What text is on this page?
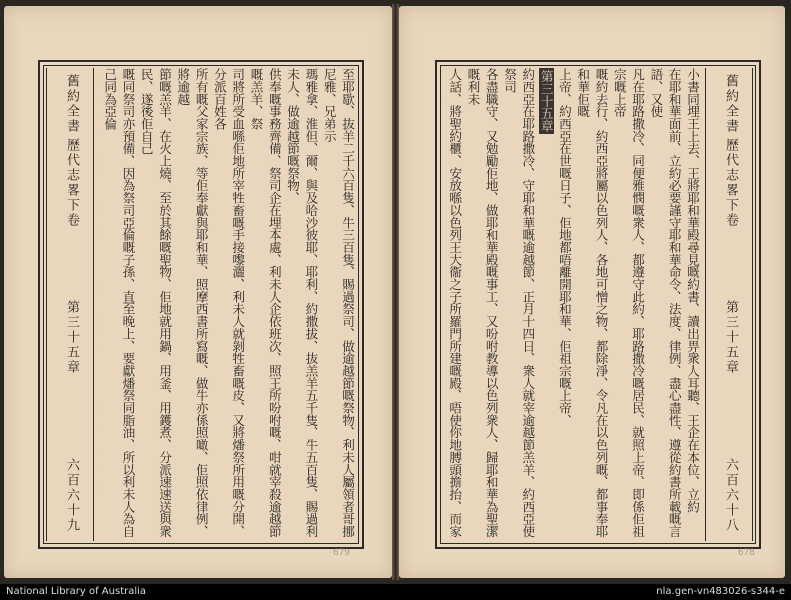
至耶歇、抜羊二千六百隻、牛三百隻、賜過祭司、做逾越節嘅祭物、利未人屬領者哥挪尼雅、兄弟示
瑪雅拿、淮但、爾、與及哈沙彼耶、耶利、約撒拔、抜羔羊五千隻、牛五百隻、賜過利未人、做逾越節嘅祭物、
供奉嘅事務齊備、祭司企在埋本處、利未人企依班次、照王所吩咐嘅、咁就宰殺逾越節嘅羔羊、祭
司將所受血喺佢地所宰牲畜嘅手接嚟灑、利未人就剝牲畜嘅皮、又將燔祭所用嘅分開、分派百姓各
所有嘅父家宗族、等佢奉獻與耶和華、照摩西書所寫嘅、做牛亦係照噉、佢照依律例、將逾越
節嘅羔羊、在火上燒、至於其餘嘅聖物、佢地就用鍋、用釜、用鑊煮、分派速速送與衆民、遂後佢自己
嘅同祭司亦預備、因為祭司亞倫嘅子孫、直至晚上、要獻燔祭同脂油、所以利未人為自己同為亞倫
舊約全書
歷代志畧下卷
第三十五章
六百六十九
679
舊約全書
歷代志畧下卷
第三十五章
六百六十八
小書同埋王上去、王將耶和華殿尋見嘅約書、讀出畀衆人耳聽、王企在本位、立約
在耶和華面前、立約必要謹守耶和華命令、法度、律例、盡心盡性、遵從約書所載嘅言語、又使
凡在耶路撒冷、同便雅憫嘅衆人、都遵守此約、耶路撒冷嘅居民、就照上帝、即係佢祖宗嘅上帝
嘅約去行、約西亞將屬以色列人、各地可憎之物、都除淨、令凡在以色列嘅、都事奉耶和華佢嘅
上帝、約西亞在世嘅日子、佢地都唔離開耶和華、佢祖宗嘅上帝、
第三十五章
約西亞在耶路撒冷、守耶和華嘅逾越節、正月十四日、衆人就宰逾越節羔羊、約西亞使祭司
各盡職守、又勉勵佢地、做耶和華殿嘅事工、又吩咐教導以色列衆人、歸耶和華為聖潔嘅利未
人話、將聖約櫃、安放喺以色列王大衞之子所羅門所建嘅殿、唔使你地膊頭擔抬、而家
678
National Library of Australia	nla.gen-vn483026-s344-e
